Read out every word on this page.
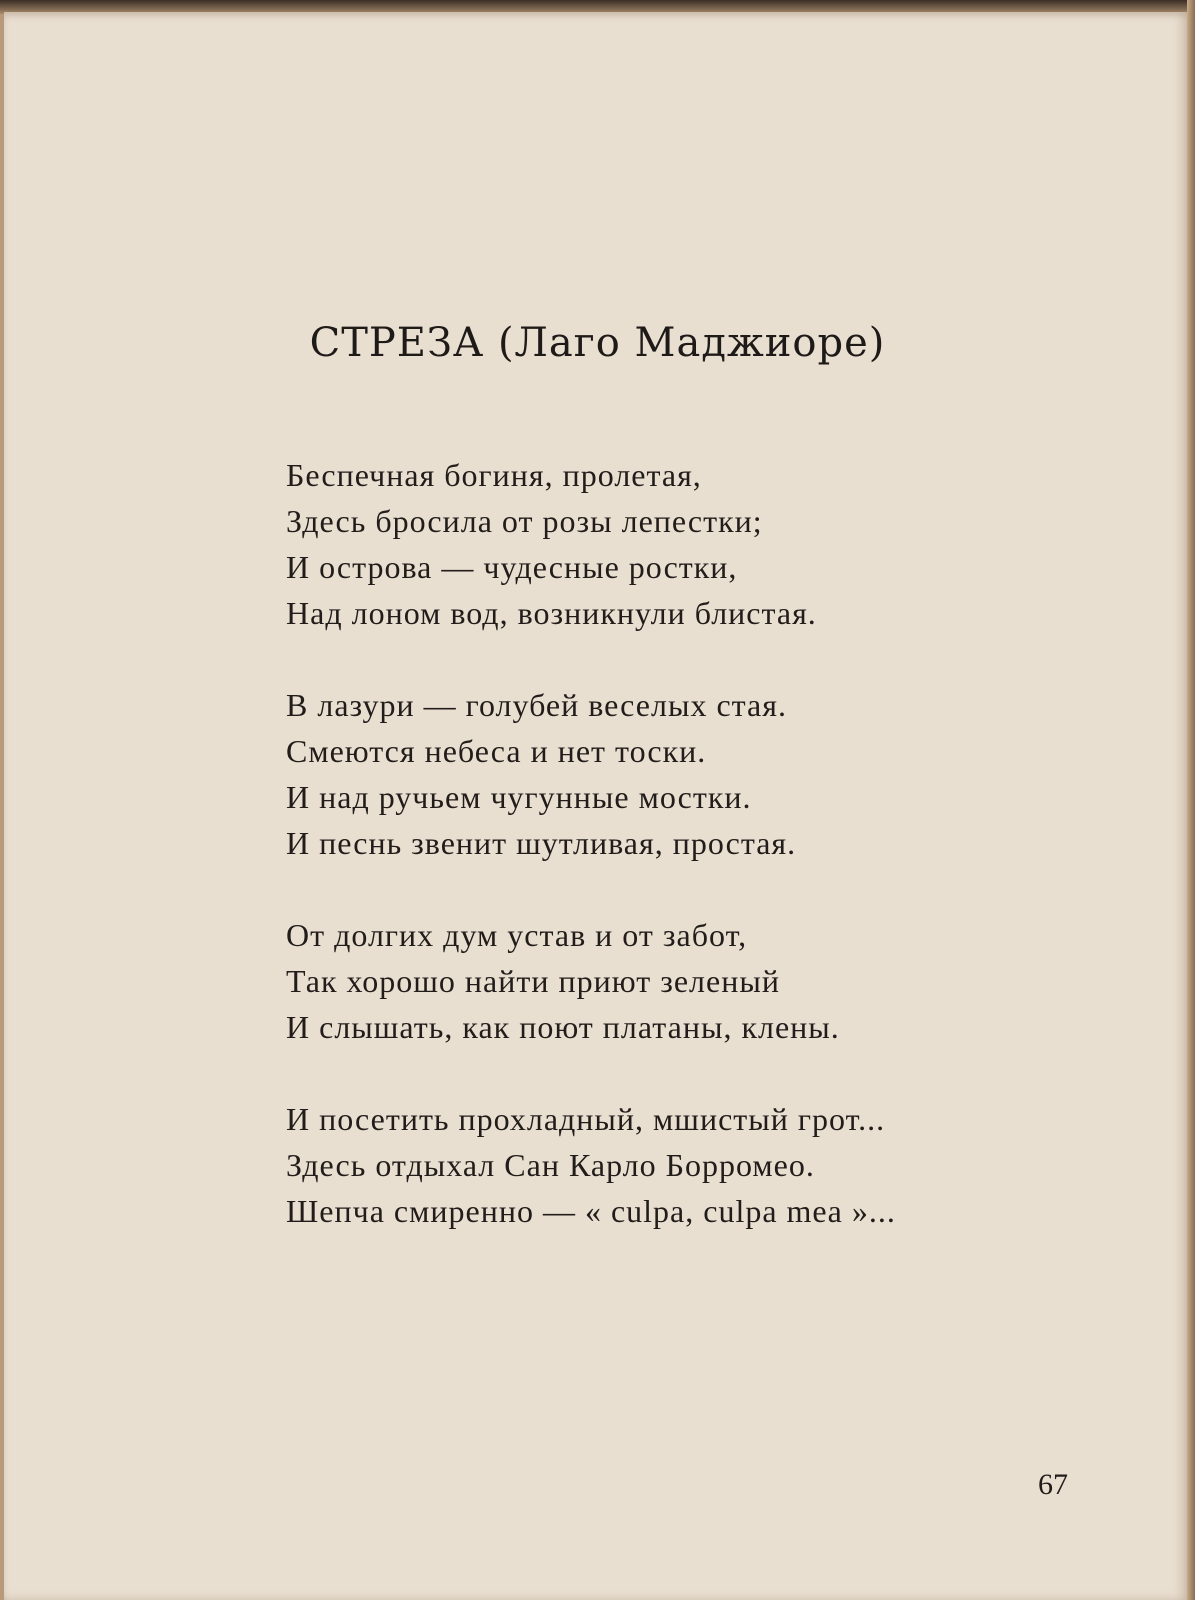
СТРЕЗА (Лаго Маджиоре)
Беспечная богиня, пролетая,
Здесь бросила от розы лепестки;
И острова — чудесные ростки,
Над лоном вод, возникнули блистая.
В лазури — голубей веселых стая.
Смеются небеса и нет тоски.
И над ручьем чугунные мостки.
И песнь звенит шутливая, простая.
От долгих дум устав и от забот,
Так хорошо найти приют зеленый
И слышать, как поют платаны, клены.
И посетить прохладный, мшистый грот...
Здесь отдыхал Сан Карло Борромео.
Шепча смиренно — « culpa, culpa mea »...
67
